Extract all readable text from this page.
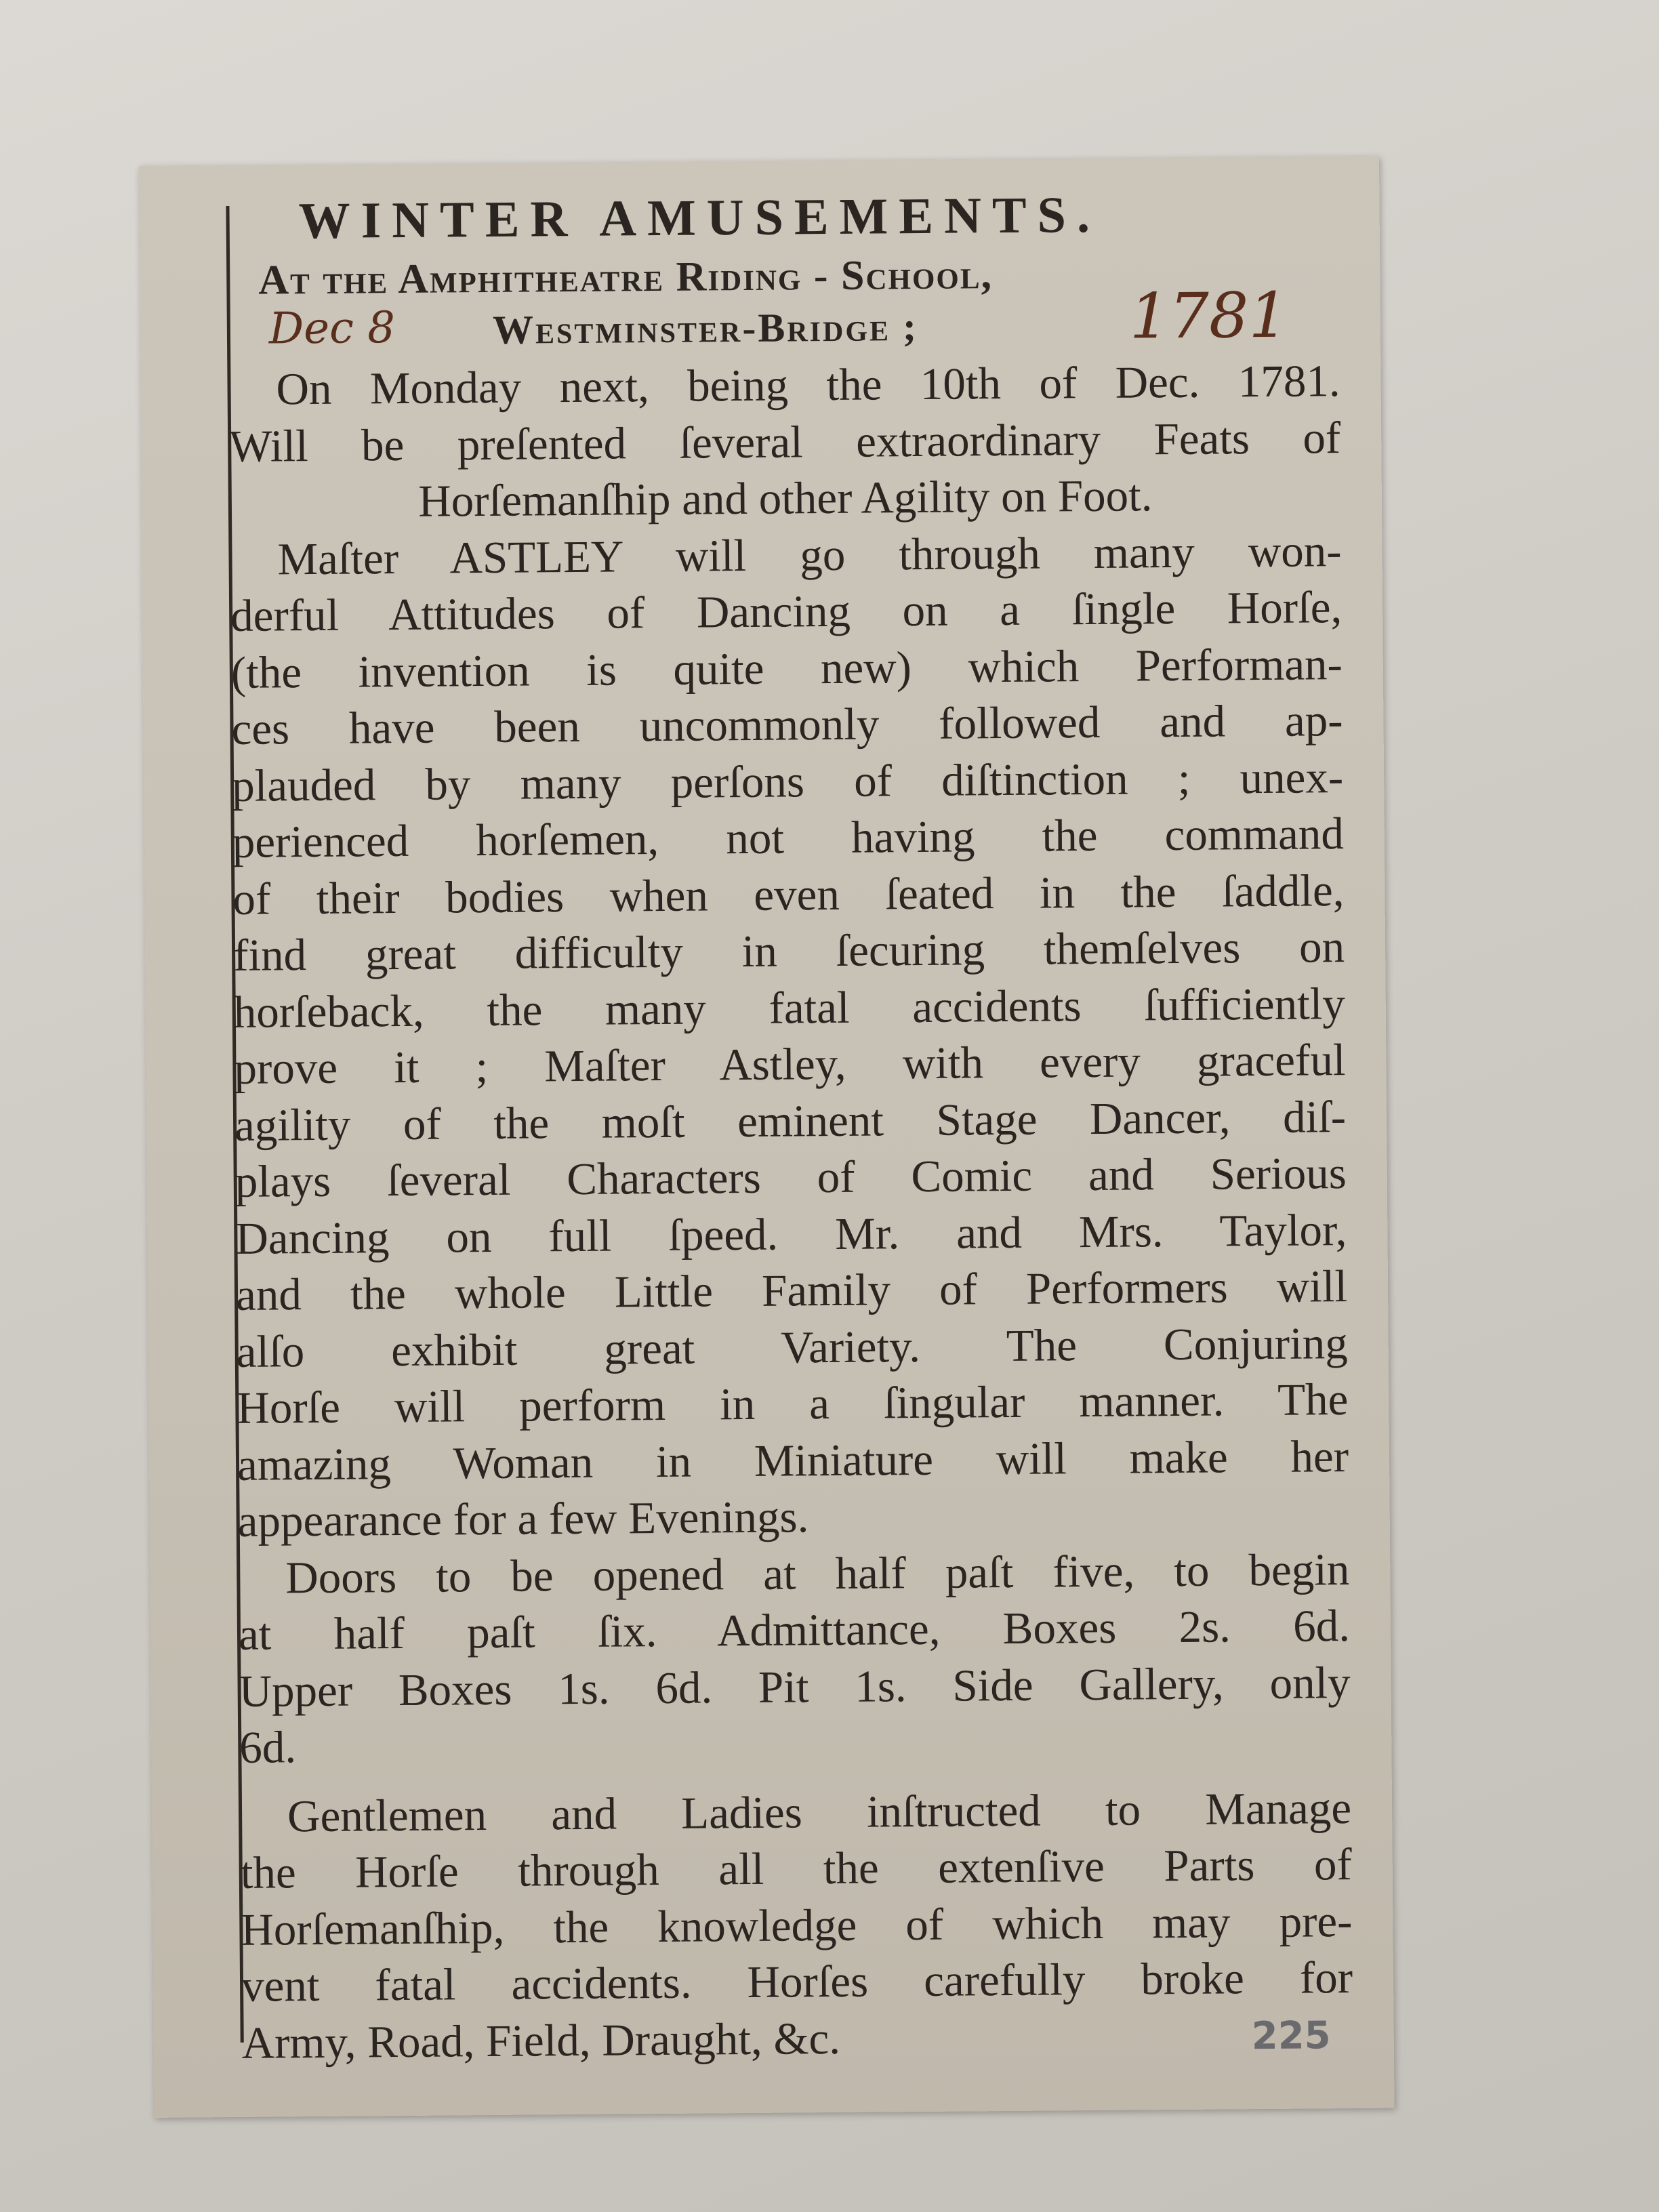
WINTER AMUSEMENTS.
At the Amphitheatre Riding - School,
Dec 8 Westminster-Bridge ;	1781
On Monday next, being the 10th of Dec. 1781.
Will be preſented ſeveral extraordinary Feats of
Horſemanſhip and other Agility on Foot.
Maſter ASTLEY will go through many won-
derful Attitudes of Dancing on a ſingle Horſe,
(the invention is quite new) which Performan-
ces have been uncommonly followed and ap-
plauded by many perſons of diſtinction ; unex-
perienced horſemen, not having the command
of their bodies when even ſeated in the ſaddle,
find great difficulty in ſecuring themſelves on
horſeback, the many fatal accidents ſufficiently
prove it ; Maſter Astley, with every graceful
agility of the moſt eminent Stage Dancer, diſ-
plays ſeveral Characters of Comic and Serious
Dancing on full ſpeed. Mr. and Mrs. Taylor,
and the whole Little Family of Performers will
alſo exhibit great Variety. The Conjuring
Horſe will perform in a ſingular manner. The
amazing Woman in Miniature will make her
appearance for a few Evenings.
Doors to be opened at half paſt five, to begin
at half paſt ſix. Admittance, Boxes 2s. 6d.
Upper Boxes 1s. 6d. Pit 1s. Side Gallery, only
6d.
Gentlemen and Ladies inſtructed to Manage
the Horſe through all the extenſive Parts of
Horſemanſhip, the knowledge of which may pre-
vent fatal accidents. Horſes carefully broke for
Army, Road, Field, Draught, &c.	225
